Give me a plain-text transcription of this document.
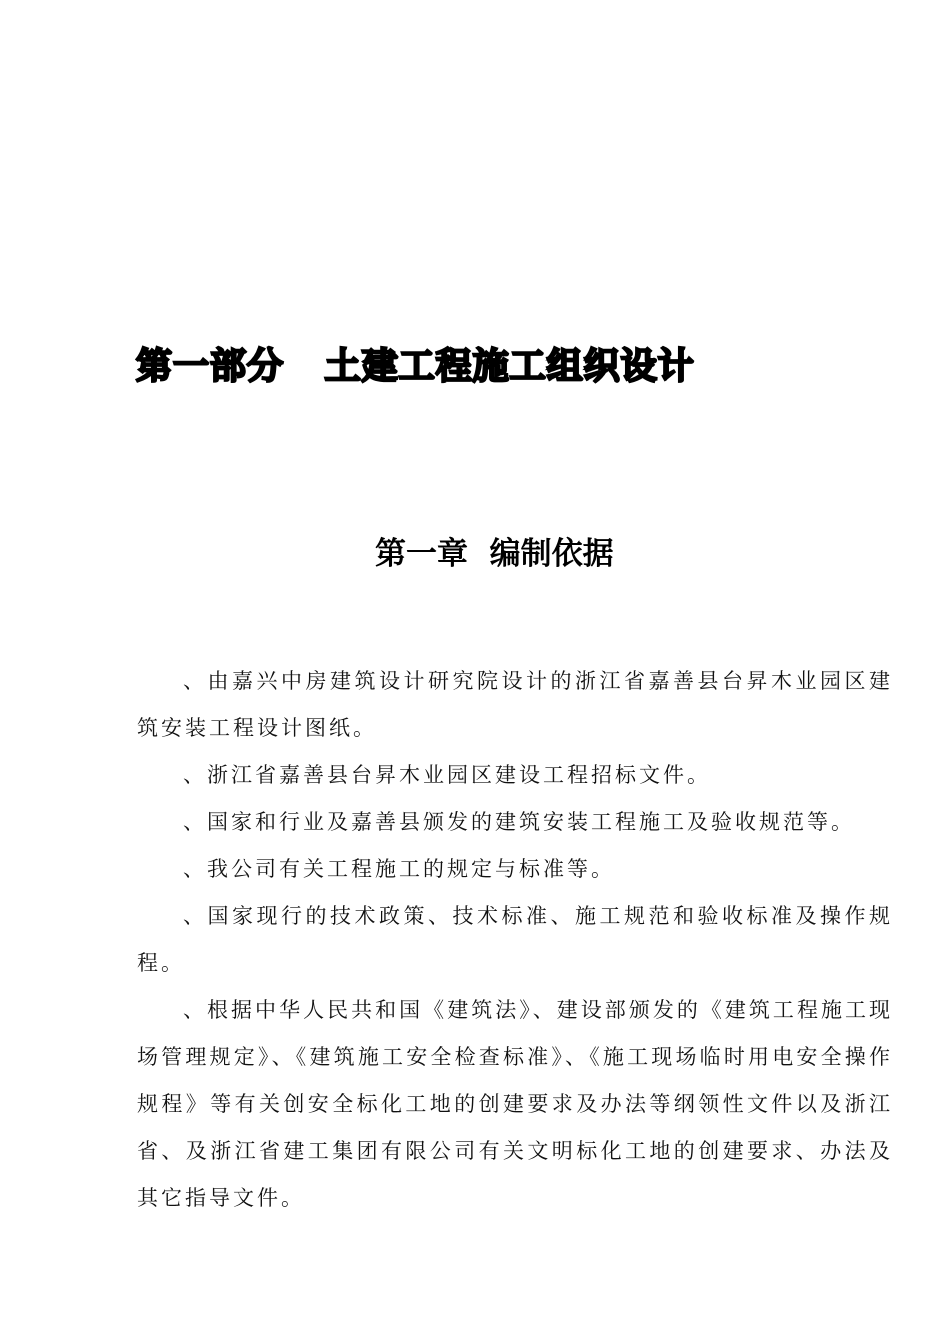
第一部分   土建工程施工组织设计
第一章  编制依据

、由嘉兴中房建筑设计研究院设计的浙江省嘉善县台昇木业园区建筑安装工程设计图纸。

、浙江省嘉善县台昇木业园区建设工程招标文件。

、国家和行业及嘉善县颁发的建筑安装工程施工及验收规范等。

、我公司有关工程施工的规定与标准等。

、国家现行的技术政策、技术标准、施工规范和验收标准及操作规程。

、根据中华人民共和国《建筑法》、建设部颁发的《建筑工程施工现场管理规定》、《建筑施工安全检查标准》、《施工现场临时用电安全操作规程》等有关创安全标化工地的创建要求及办法等纲领性文件以及浙江省、及浙江省建工集团有限公司有关文明标化工地的创建要求、办法及其它指导文件。
